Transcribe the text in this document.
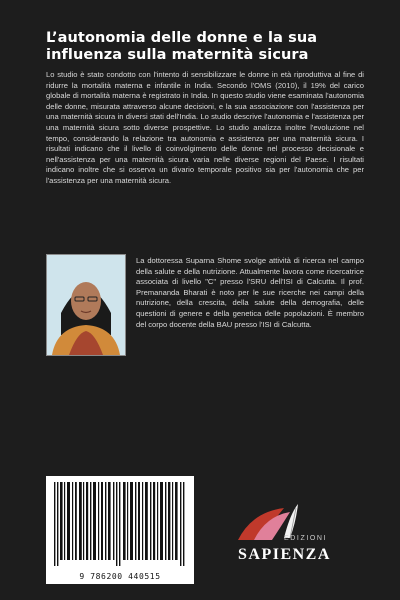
L’autonomia delle donne e la sua influenza sulla maternità sicura

Lo studio è stato condotto con l'intento di sensibilizzare le donne in età riproduttiva al fine di ridurre la mortalità materna e infantile in India. Secondo l'OMS (2010), il 19% del carico globale di mortalità materna è registrato in India. In questo studio viene esaminata l'autonomia delle donne, misurata attraverso alcune decisioni, e la sua associazione con l'assistenza per una maternità sicura in diversi stati dell'India. Lo studio descrive l'autonomia e l'assistenza per una maternità sicura sotto diverse prospettive. Lo studio analizza inoltre l'evoluzione nel tempo, considerando la relazione tra autonomia e assistenza per una maternità sicura. I risultati indicano che il livello di coinvolgimento delle donne nel processo decisionale e nell'assistenza per una maternità sicura varia nelle diverse regioni del Paese. I risultati indicano inoltre che si osserva un divario temporale positivo sia per l'autonomia che per l'assistenza per una maternità sicura.

La dottoressa Suparna Shome svolge attività di ricerca nel campo della salute e della nutrizione. Attualmente lavora come ricercatrice associata di livello "C" presso l'SRU dell'ISI di Calcutta. Il prof. Premananda Bharati è noto per le sue ricerche nei campi della nutrizione, della crescita, della salute della demografia, delle questioni di genere e della genetica delle popolazioni. È membro del corpo docente della BAU presso l'ISI di Calcutta.

9 786200 440515
EDIZIONI
SAPIENZA
